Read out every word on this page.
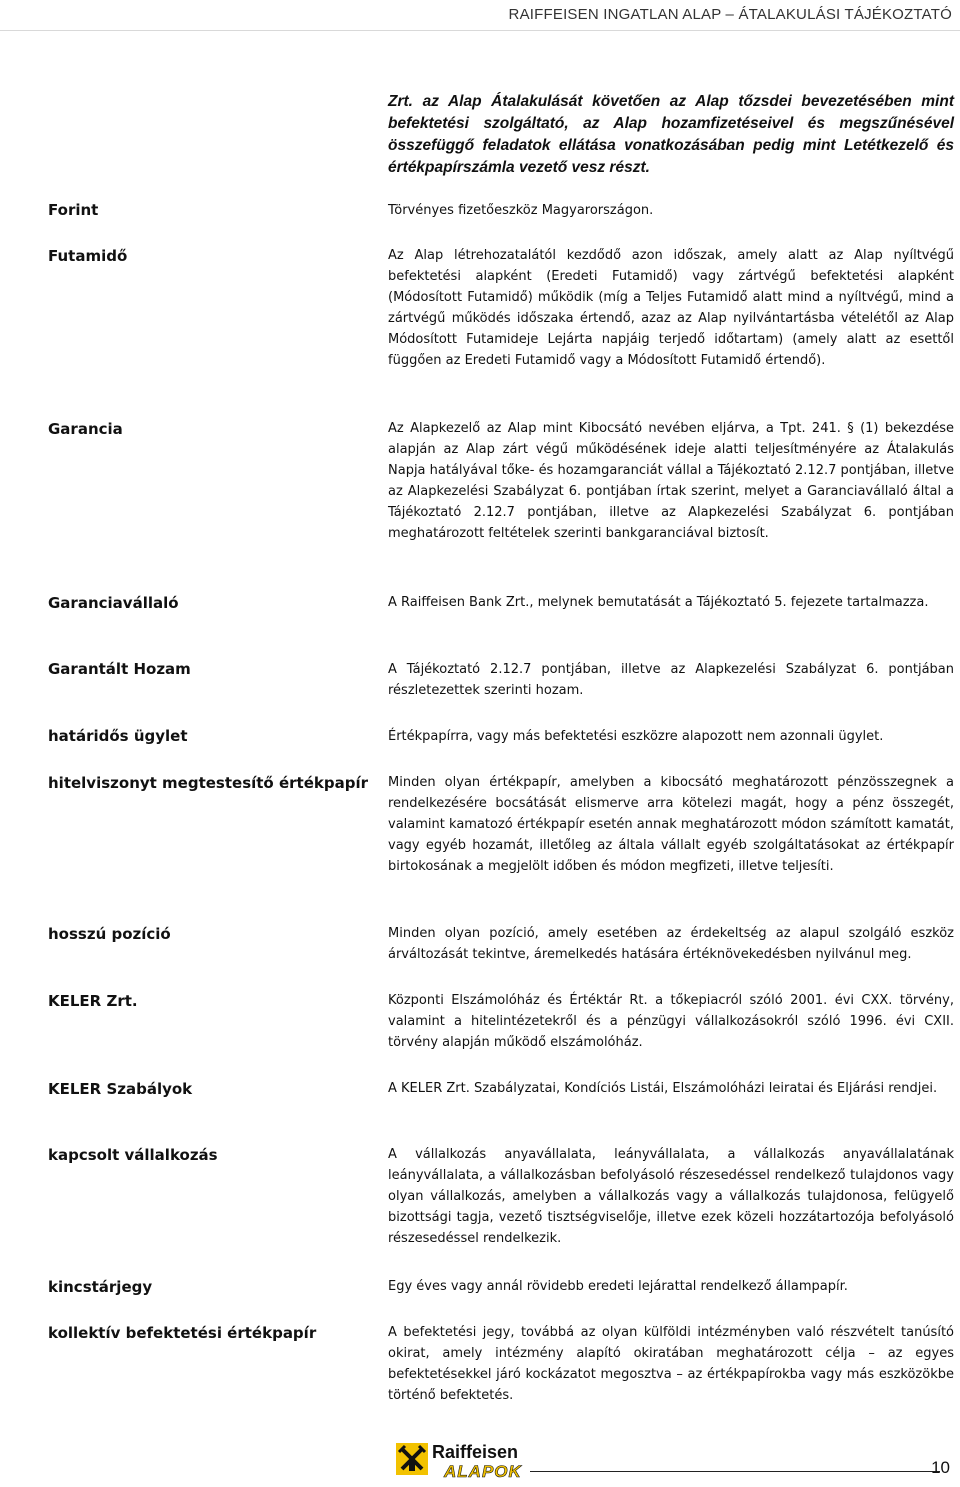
RAIFFEISEN INGATLAN ALAP – ÁTALAKULÁSI TÁJÉKOZTATÓ
Zrt. az Alap Átalakulását követően az Alap tőzsdei bevezetésében mint befektetési szolgáltató, az Alap hozamfizetéseivel és megszűnésével összefüggő feladatok ellátása vonatkozásában pedig mint Letétkezelő és értékpapírszámla vezető vesz részt.
Forint	Törvényes fizetőeszköz Magyarországon.
Futamidő	Az Alap létrehozatalától kezdődő azon időszak, amely alatt az Alap nyíltvégű befektetési alapként (Eredeti Futamidő) vagy zártvégű befektetési alapként (Módosított Futamidő) működik (míg a Teljes Futamidő alatt mind a nyíltvégű, mind a zártvégű működés időszaka értendő, azaz az Alap nyilvántartásba vételétől az Alap Módosított Futamideje Lejárta napjáig terjedő időtartam) (amely alatt az esettől függően az Eredeti Futamidő vagy a Módosított Futamidő értendő).
Garancia	Az Alapkezelő az Alap mint Kibocsátó nevében eljárva, a Tpt. 241. § (1) bekezdése alapján az Alap zárt végű működésének ideje alatti teljesítményére az Átalakulás Napja hatályával tőke- és hozamgaranciát vállal a Tájékoztató 2.12.7 pontjában, illetve az Alapkezelési Szabályzat 6. pontjában írtak szerint, melyet a Garanciavállaló által a Tájékoztató 2.12.7 pontjában, illetve az Alapkezelési Szabályzat 6. pontjában meghatározott feltételek szerinti bankgaranciával biztosít.
Garanciavállaló	A Raiffeisen Bank Zrt., melynek bemutatását a Tájékoztató 5. fejezete tartalmazza.
Garantált Hozam	A Tájékoztató 2.12.7 pontjában, illetve az Alapkezelési Szabályzat 6. pontjában részletezettek szerinti hozam.
határidős ügylet	Értékpapírra, vagy más befektetési eszközre alapozott nem azonnali ügylet.
hitelviszonyt megtestesítő értékpapír	Minden olyan értékpapír, amelyben a kibocsátó meghatározott pénzösszegnek a rendelkezésére bocsátását elismerve arra kötelezi magát, hogy a pénz összegét, valamint kamatozó értékpapír esetén annak meghatározott módon számított kamatát, vagy egyéb hozamát, illetőleg az általa vállalt egyéb szolgáltatásokat az értékpapír birtokosának a megjelölt időben és módon megfizeti, illetve teljesíti.
hosszú pozíció	Minden olyan pozíció, amely esetében az érdekeltség az alapul szolgáló eszköz árváltozását tekintve, áremelkedés hatására értéknövekedésben nyilvánul meg.
KELER Zrt.	Központi Elszámolóház és Értéktár Rt. a tőkepiacról szóló 2001. évi CXX. törvény, valamint a hitelintézetekről és a pénzügyi vállalkozásokról szóló 1996. évi CXII. törvény alapján működő elszámolóház.
KELER Szabályok	A KELER Zrt. Szabályzatai, Kondíciós Listái, Elszámolóházi leiratai és Eljárási rendjei.
kapcsolt vállalkozás	A vállalkozás anyavállalata, leányvállalata, a vállalkozás anyavállalatának leányvállalata, a vállalkozásban befolyásoló részesedéssel rendelkező tulajdonos vagy olyan vállalkozás, amelyben a vállalkozás vagy a vállalkozás tulajdonosa, felügyelő bizottsági tagja, vezető tisztségviselője, illetve ezek közeli hozzátartozója befolyásoló részesedéssel rendelkezik.
kincstárjegy	Egy éves vagy annál rövidebb eredeti lejárattal rendelkező állampapír.
kollektív befektetési értékpapír	A befektetési jegy, továbbá az olyan külföldi intézményben való részvételt tanúsító okirat, amely intézmény alapító okiratában meghatározott célja – az egyes befektetésekkel járó kockázatot megosztva – az értékpapírokba vagy más eszközökbe történő befektetés.
Raiffeisen
ALAPOK	10
